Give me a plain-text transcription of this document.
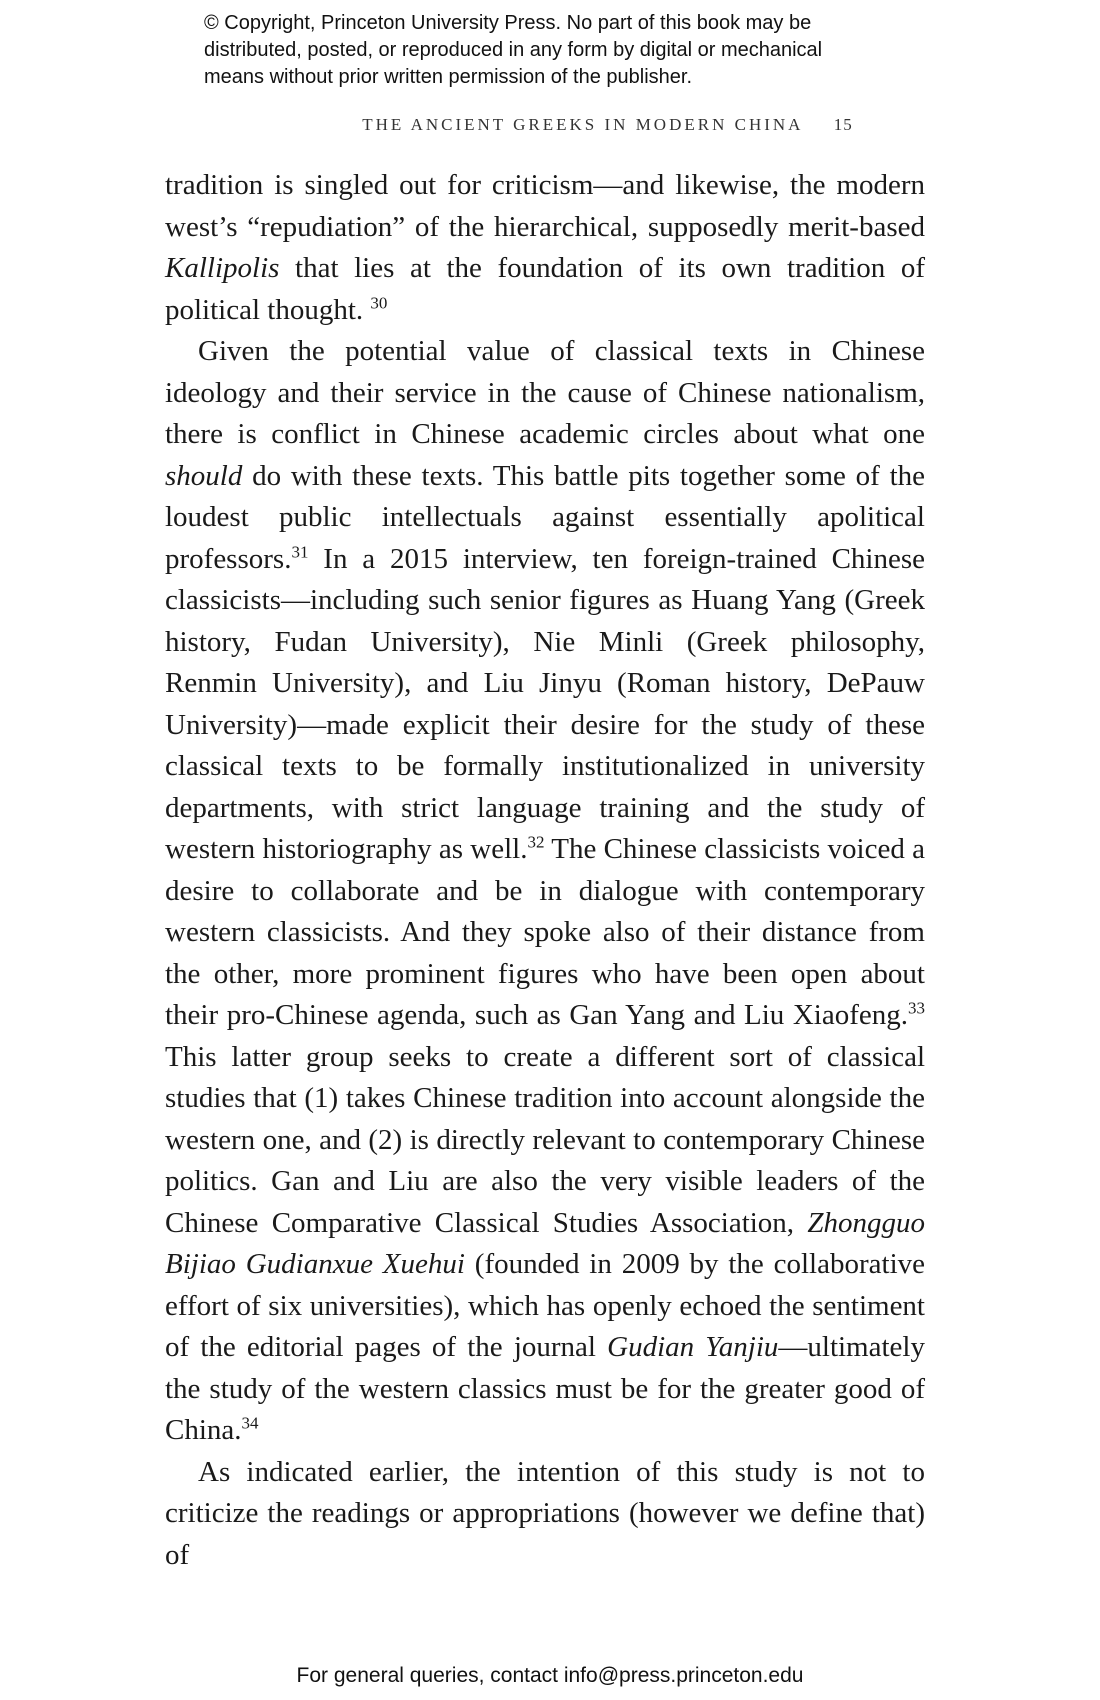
© Copyright, Princeton University Press. No part of this book may be
distributed, posted, or reproduced in any form by digital or mechanical
means without prior written permission of the publisher.
THE ANCIENT GREEKS IN MODERN CHINA 15

tradition is singled out for criticism—and likewise, the modern west’s “repudiation” of the hierarchical, supposedly merit-based Kallipolis that lies at the foundation of its own tradition of political thought. $^{30}$

Given the potential value of classical texts in Chinese ideology and their service in the cause of Chinese nationalism, there is conflict in Chinese academic circles about what one should do with these texts. This battle pits together some of the loudest public intellectuals against essentially apolitical professors.$^{31}$ In a 2015 interview, ten foreign-trained Chinese classicists—including such senior figures as Huang Yang (Greek history, Fudan University), Nie Minli (Greek philosophy, Renmin University), and Liu Jinyu (Roman history, DePauw University)—made explicit their desire for the study of these classical texts to be formally institutionalized in university departments, with strict language training and the study of western historiography as well.$^{32}$ The Chinese classicists voiced a desire to collaborate and be in dialogue with contemporary western classicists. And they spoke also of their distance from the other, more prominent figures who have been open about their pro-Chinese agenda, such as Gan Yang and Liu Xiaofeng.$^{33}$ This latter group seeks to create a different sort of classical studies that (1) takes Chinese tradition into account alongside the western one, and (2) is directly relevant to contemporary Chinese politics. Gan and Liu are also the very visible leaders of the Chinese Comparative Classical Studies Association, Zhongguo Bijiao Gudianxue Xuehui (founded in 2009 by the collaborative effort of six universities), which has openly echoed the sentiment of the editorial pages of the journal Gudian Yanjiu—ultimately the study of the western classics must be for the greater good of China.$^{34}$

As indicated earlier, the intention of this study is not to criticize the readings or appropriations (however we define that) of

For general queries, contact info@press.princeton.edu
